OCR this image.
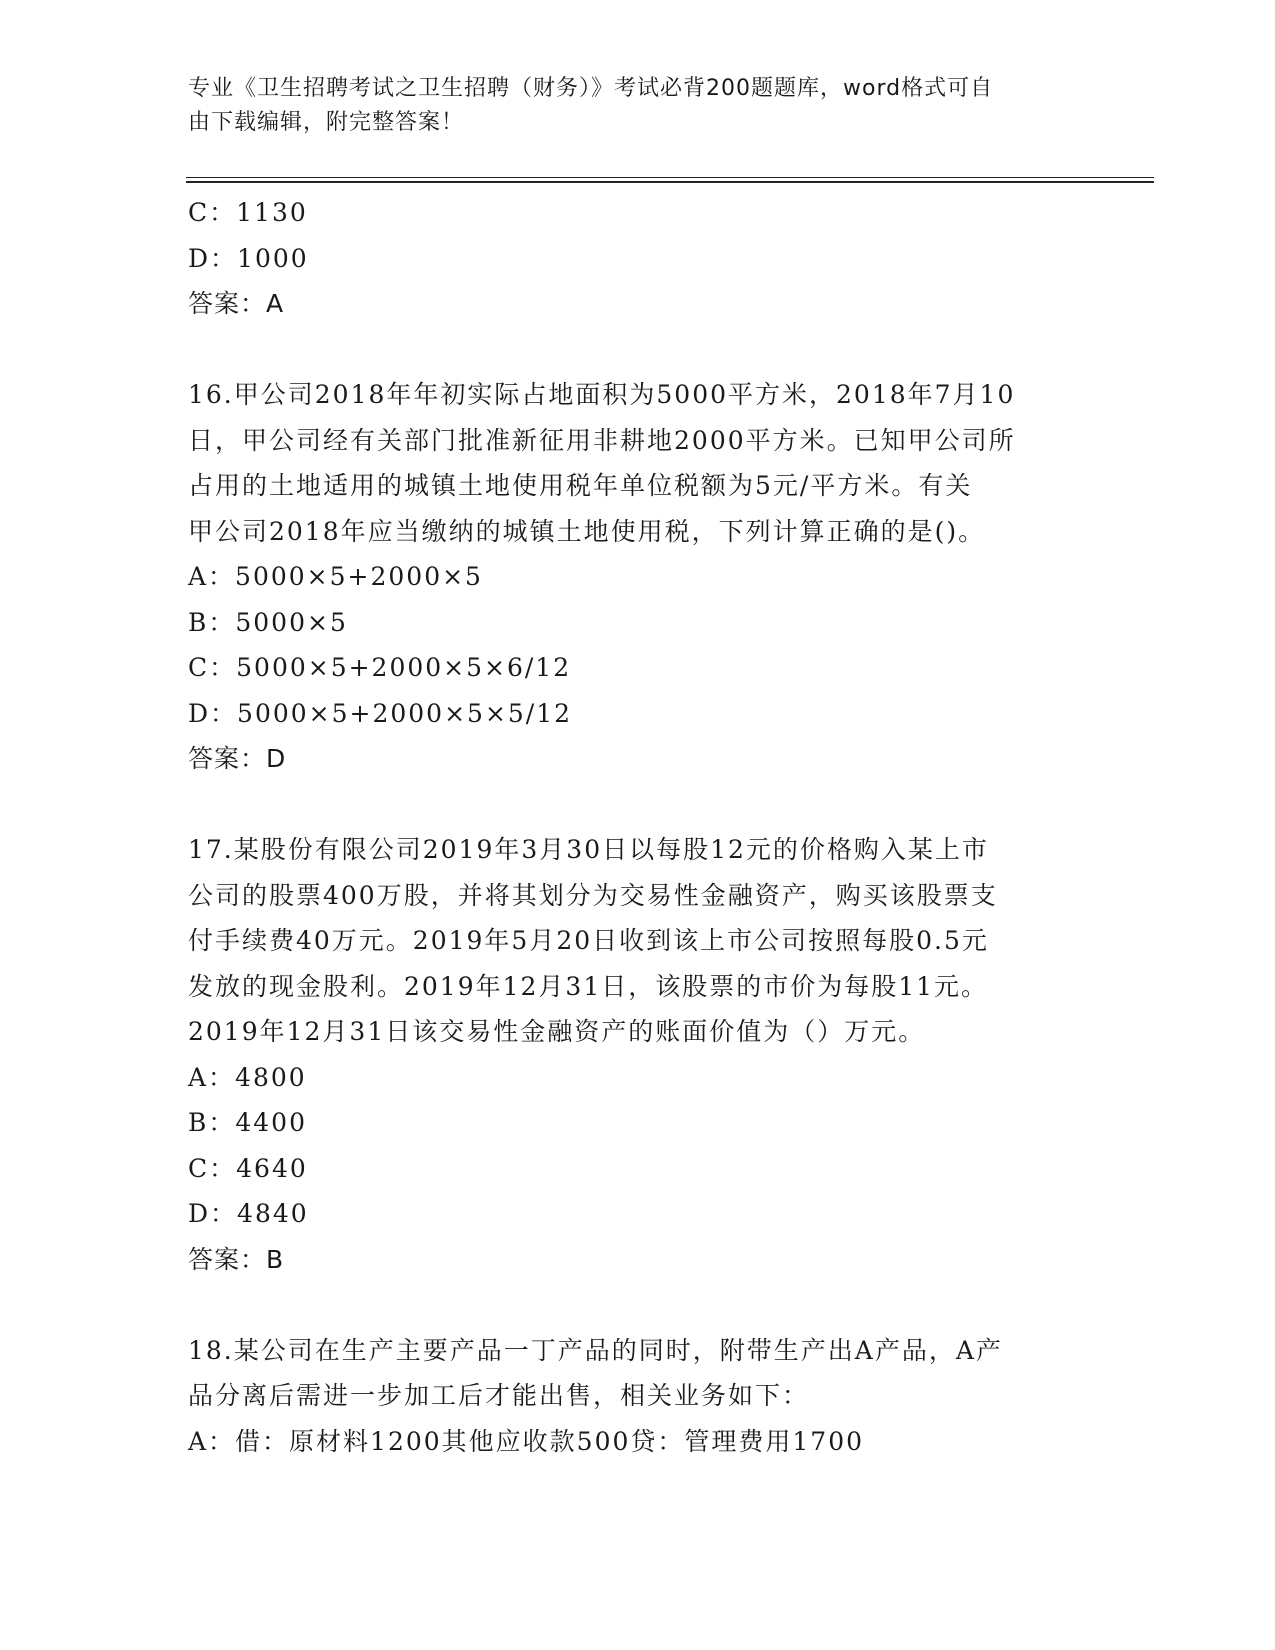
专业《卫生招聘考试之卫生招聘（财务）》考试必背200题题库，word格式可自
由下载编辑，附完整答案！
C：1130
D：1000
答案：A
16.甲公司2018年年初实际占地面积为5000平方米，2018年7月10
日，甲公司经有关部门批准新征用非耕地2000平方米。已知甲公司所
占用的土地适用的城镇土地使用税年单位税额为5元/平方米。有关
甲公司2018年应当缴纳的城镇土地使用税，下列计算正确的是()。
A：5000×5+2000×5
B：5000×5
C：5000×5+2000×5×6/12
D：5000×5+2000×5×5/12
答案：D
17.某股份有限公司2019年3月30日以每股12元的价格购入某上市
公司的股票400万股，并将其划分为交易性金融资产，购买该股票支
付手续费40万元。2019年5月20日收到该上市公司按照每股0.5元
发放的现金股利。2019年12月31日，该股票的市价为每股11元。
2019年12月31日该交易性金融资产的账面价值为（）万元。
A：4800
B：4400
C：4640
D：4840
答案：B
18.某公司在生产主要产品一丁产品的同时，附带生产出A产品，A产
品分离后需进一步加工后才能出售，相关业务如下：
A：借：原材料1200其他应收款500贷：管理费用1700
